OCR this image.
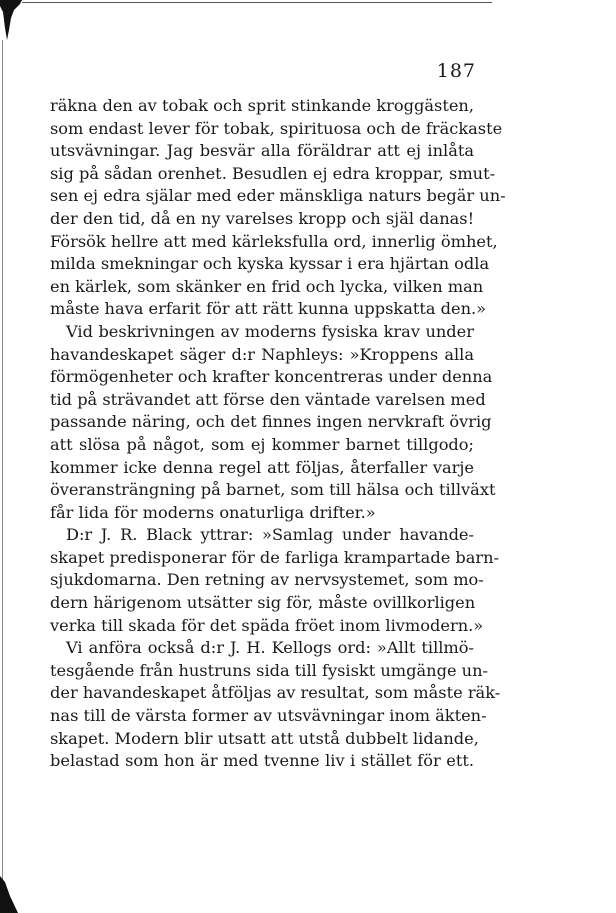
187
räkna den av tobak och sprit stinkande kroggästen,
som endast lever för tobak, spirituosa och de fräckaste
utsvävningar. Jag besvär alla föräldrar att ej inlåta
sig på sådan orenhet. Besudlen ej edra kroppar, smut-
sen ej edra själar med eder mänskliga naturs begär un-
der den tid, då en ny varelses kropp och själ danas!
Försök hellre att med kärleksfulla ord, innerlig ömhet,
milda smekningar och kyska kyssar i era hjärtan odla
en kärlek, som skänker en frid och lycka, vilken man
måste hava erfarit för att rätt kunna uppskatta den.»
Vid beskrivningen av moderns fysiska krav under
havandeskapet säger d:r Naphleys: »Kroppens alla
förmögenheter och krafter koncentreras under denna
tid på strävandet att förse den väntade varelsen med
passande näring, och det finnes ingen nervkraft övrig
att slösa på något, som ej kommer barnet tillgodo;
kommer icke denna regel att följas, återfaller varje
överansträngning på barnet, som till hälsa och tillväxt
får lida för moderns onaturliga drifter.»
D:r J. R. Black yttrar: »Samlag under havande-
skapet predisponerar för de farliga krampartade barn-
sjukdomarna. Den retning av nervsystemet, som mo-
dern härigenom utsätter sig för, måste ovillkorligen
verka till skada för det späda fröet inom livmodern.»
Vi anföra också d:r J. H. Kellogs ord: »Allt tillmö-
tesgående från hustruns sida till fysiskt umgänge un-
der havandeskapet åtföljas av resultat, som måste räk-
nas till de värsta former av utsvävningar inom äkten-
skapet. Modern blir utsatt att utstå dubbelt lidande,
belastad som hon är med tvenne liv i stället för ett.
